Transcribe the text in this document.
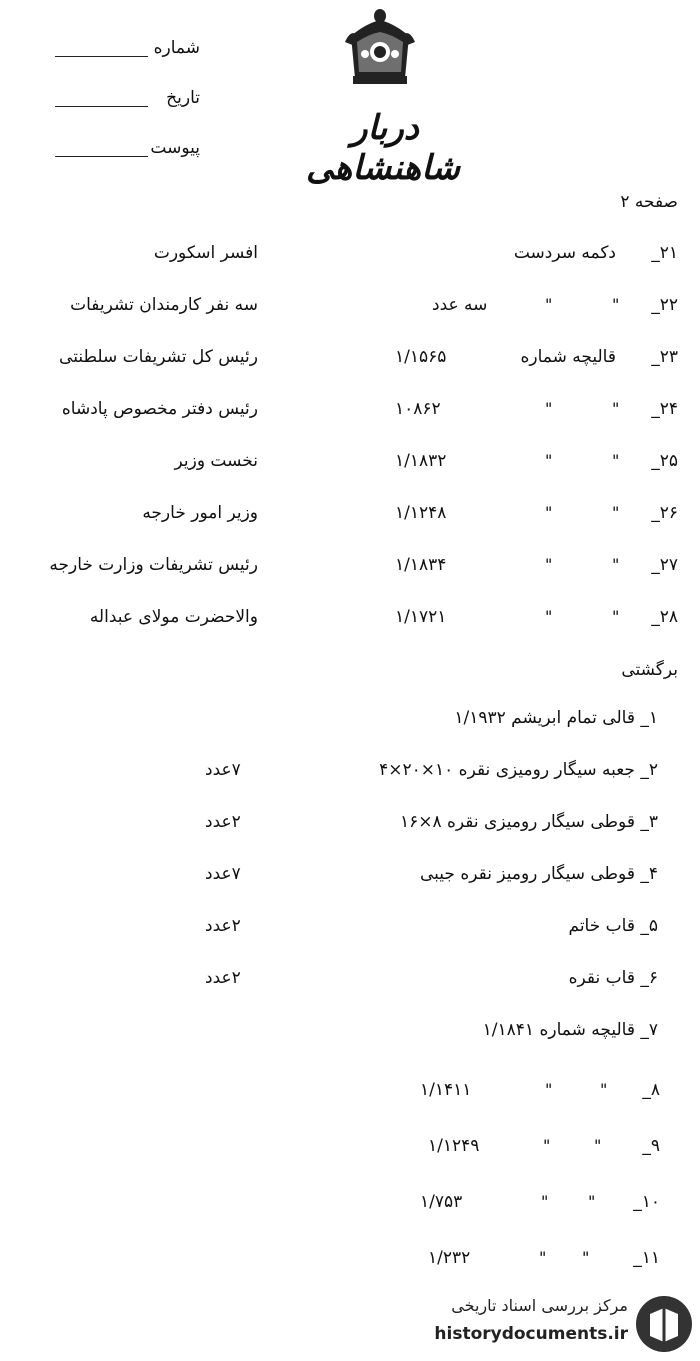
شماره
تاریخ
پیوست	دربار شاهنشاهی
صفحه ۲
۲۱_
دکمه سردست
افسر اسکورت
۲۲_
"
"
سه عدد
سه نفر کارمندان تشریفات
۲۳_
قالیچه شماره
۱/۱۵۶۵
رئیس کل تشریفات سلطنتی
۲۴_
"
"
۱۰۸۶۲
رئیس دفتر مخصوص پادشاه
۲۵_
"
"
۱/۱۸۳۲
نخست وزیر
۲۶_
"
"
۱/۱۲۴۸
وزیر امور خارجه
۲۷_
"
"
۱/۱۸۳۴
رئیس تشریفات وزارت خارجه
۲۸_
"
"
۱/۱۷۲۱
والاحضرت مولای عبداله
برگشتی
۱_ قالی تمام ابریشم ۱/۱۹۳۲
۲_ جعبه سیگار رومیزی نقره ۱۰×۲۰×۴
۷عدد
۳_ قوطی سیگار رومیزی نقره ۸×۱۶
۲عدد
۴_ قوطی سیگار رومیز نقره جیبی
۷عدد
۵_ قاب خاتم
۲عدد
۶_ قاب نقره
۲عدد
۷_ قالیچه شماره ۱/۱۸۴۱
۸_
"
"
۱/۱۴۱۱
۹_
"
"
۱/۱۲۴۹
۱۰_
"
"
۱/۷۵۳
۱۱_
"
"
۱/۲۳۲
مرکز بررسی اسناد تاریخی
historydocuments.ir
